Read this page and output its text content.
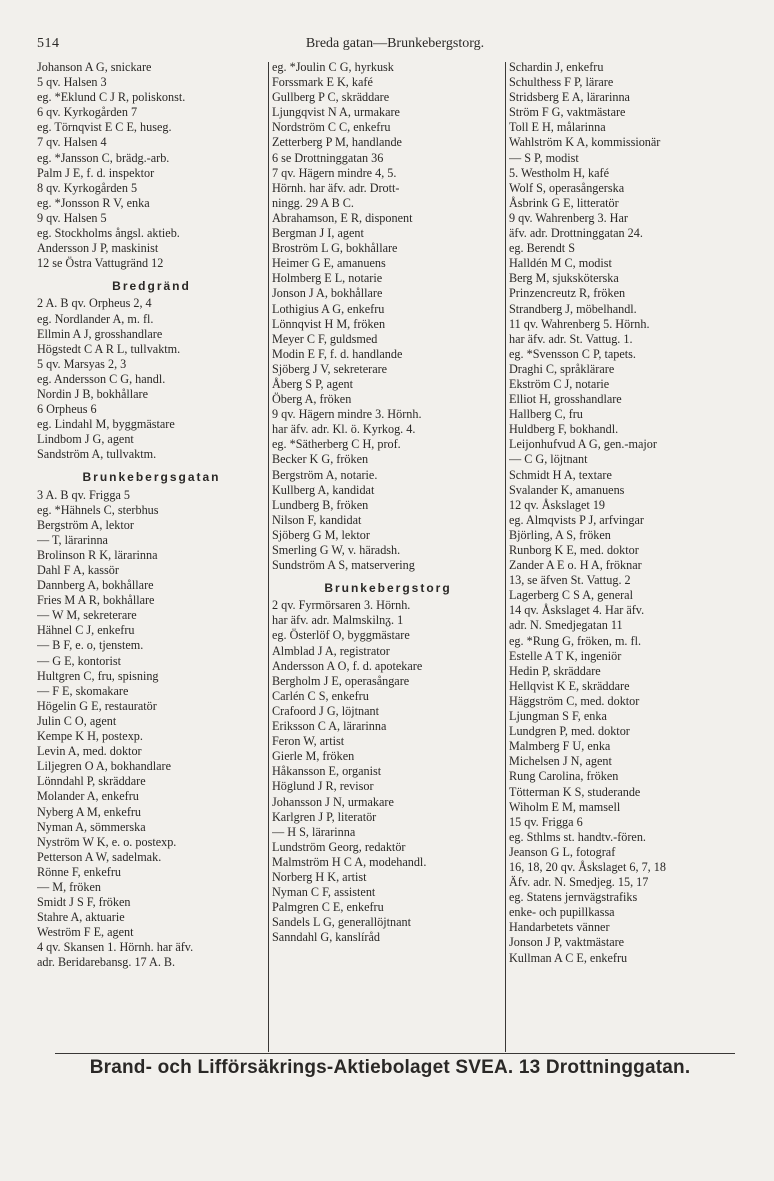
514	Breda gatan—Brunkebergstorg.
Johanson A G, snickare
5 qv. Halsen 3
eg. *Eklund C J R, poliskonst.
6 qv. Kyrkogården 7
eg. Törnqvist E C E, huseg.
7 qv. Halsen 4
eg. *Jansson C, brädg.-arb.
Palm J E, f. d. inspektor
8 qv. Kyrkogården 5
eg. *Jonsson R V, enka
9 qv. Halsen 5
eg. Stockholms ångsl. aktieb.
Andersson J P, maskinist
12 se Östra Vattugränd 12
Bredgränd
2 A. B qv. Orpheus 2, 4
eg. Nordlander A, m. fl.
Ellmin A J, grosshandlare
Högstedt C A R L, tullvaktm.
5 qv. Marsyas 2, 3
eg. Andersson C G, handl.
Nordin J B, bokhållare
6 Orpheus 6
eg. Lindahl M, byggmästare
Lindbom J G, agent
Sandström A, tullvaktm.
Brunkebergsgatan
3 A. B qv. Frigga 5
eg. *Hähnels C, sterbhus
Bergström A, lektor
— T, lärarinna
Brolinson R K, lärarinna
Dahl F A, kassör
Dannberg A, bokhållare
Fries M A R, bokhållare
— W M, sekreterare
Hähnel C J, enkefru
— B F, e. o, tjenstem.
— G E, kontorist
Hultgren C, fru, spisning
— F E, skomakare
Högelin G E, restauratör
Julin C O, agent
Kempe K H, postexp.
Levin A, med. doktor
Liljegren O A, bokhandlare
Lönndahl P, skräddare
Molander A, enkefru
Nyberg A M, enkefru
Nyman A, sömmerska
Nyström W K, e. o. postexp.
Petterson A W, sadelmak.
Rönne F, enkefru
— M, fröken
Smidt J S F, fröken
Stahre A, aktuarie
Weström F E, agent
4 qv. Skansen 1. Hörnh. har äfv.
adr. Beridarebansg. 17 A. B.
eg. *Joulin C G, hyrkusk
Forssmark E K, kafé
Gullberg P C, skräddare
Ljungqvist N A, urmakare
Nordström C C, enkefru
Zetterberg P M, handlande
6 se Drottninggatan 36
7 qv. Hägern mindre 4, 5.
Hörnh. har äfv. adr. Drott-
ningg. 29 A B C.
Abrahamson, E R, disponent
Bergman J I, agent
Broström L G, bokhållare
Heimer G E, amanuens
Holmberg E L, notarie
Jonson J A, bokhållare
Lothigius A G, enkefru
Lönnqvist H M, fröken
Meyer C F, guldsmed
Modin E F, f. d. handlande
Sjöberg J V, sekreterare
Åberg S P, agent
Öberg A, fröken
9 qv. Hägern mindre 3. Hörnh.
har äfv. adr. Kl. ö. Kyrkog. 4.
eg. *Sätherberg C H, prof.
Becker K G, fröken
Bergström A, notarie.
Kullberg A, kandidat
Lundberg B, fröken
Nilson F, kandidat
Sjöberg G M, lektor
Smerling G W, v. häradsh.
Sundström A S, matservering
Brunkebergstorg
2 qv. Fyrmörsaren 3. Hörnh.
har äfv. adr. Malmskilnᵹ. 1
eg. Österlöf O, byggmästare
Almblad J A, registrator
Andersson A O, f. d. apotekare
Bergholm J E, operasångare
Carlén C S, enkefru
Crafoord J G, löjtnant
Eriksson C A, lärarinna
Feron W, artist
Gierle M, fröken
Håkansson E, organist
Höglund J R, revisor
Johansson J N, urmakare
Karlgren J P, literatör
— H S, lärarinna
Lundström Georg, redaktör
Malmström H C A, modehandl.
Norberg H K, artist
Nyman C F, assistent
Palmgren C E, enkefru
Sandels L G, generallöjtnant
Sanndahl G, kanslíråd
Schardin J, enkefru
Schulthess F P, lärare
Stridsberg E A, lärarinna
Ström F G, vaktmästare
Toll E H, målarinna
Wahlström K A, kommissionär
— S P, modist
5. Westholm H, kafé
Wolf S, operasångerska
Åsbrink G E, litteratör
9 qv. Wahrenberg 3. Har
äfv. adr. Drottninggatan 24.
eg. Berendt S
Halldén M C, modist
Berg M, sjuksköterska
Prinzencreutz R, fröken
Strandberg J, möbelhandl.
11 qv. Wahrenberg 5. Hörnh.
har äfv. adr. St. Vattug. 1.
eg. *Svensson C P, tapets.
Draghi C, språklärare
Ekström C J, notarie
Elliot H, grosshandlare
Hallberg C, fru
Huldberg F, bokhandl.
Leijonhufvud A G, gen.-major
— C G, löjtnant
Schmidt H A, textare
Svalander K, amanuens
12 qv. Åskslaget 19
eg. Almqvists P J, arfvingar
Björling, A S, fröken
Runborg K E, med. doktor
Zander A E o. H A, fröknar
13, se äfven St. Vattug. 2
Lagerberg C S A, general
14 qv. Åskslaget 4. Har äfv.
adr. N. Smedjegatan 11
eg. *Rung G, fröken, m. fl.
Estelle A T K, ingeniör
Hedin P, skräddare
Hellqvist K E, skräddare
Häggström C, med. doktor
Ljungman S F, enka
Lundgren P, med. doktor
Malmberg F U, enka
Michelsen J N, agent
Rung Carolina, fröken
Tötterman K S, studerande
Wiholm E M, mamsell
15 qv. Frigga 6
eg. Sthlms st. handtv.-fören.
Jeanson G L, fotograf
16, 18, 20 qv. Åskslaget 6, 7, 18
Äfv. adr. N. Smedjeg. 15, 17
eg. Statens jernvägstrafiks
enke- och pupillkassa
Handarbetets vänner
Jonson J P, vaktmästare
Kullman A C E, enkefru
Brand- och Lifförsäkrings-Aktiebolaget SVEA. 13 Drottninggatan.
